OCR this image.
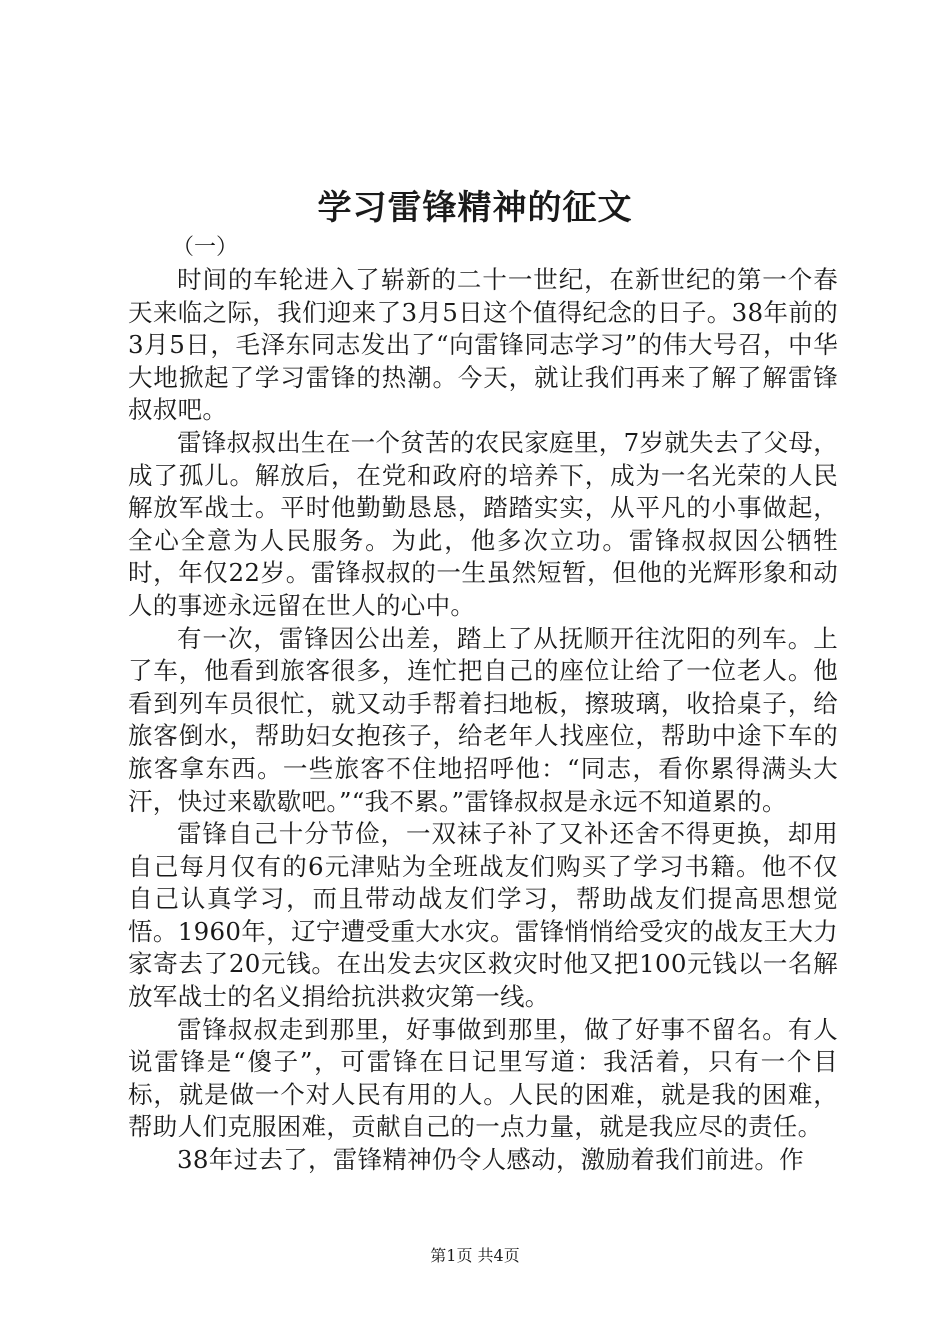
学习雷锋精神的征文

（一）

时间的车轮进入了崭新的二十一世纪，在新世纪的第一个春天来临之际，我们迎来了3月5日这个值得纪念的日子。38年前的3月5日，毛泽东同志发出了“向雷锋同志学习”的伟大号召，中华大地掀起了学习雷锋的热潮。今天，就让我们再来了解了解雷锋叔叔吧。

雷锋叔叔出生在一个贫苦的农民家庭里，7岁就失去了父母，成了孤儿。解放后，在党和政府的培养下，成为一名光荣的人民解放军战士。平时他勤勤恳恳，踏踏实实，从平凡的小事做起，全心全意为人民服务。为此，他多次立功。雷锋叔叔因公牺牲时，年仅22岁。雷锋叔叔的一生虽然短暂，但他的光辉形象和动人的事迹永远留在世人的心中。

有一次，雷锋因公出差，踏上了从抚顺开往沈阳的列车。上了车，他看到旅客很多，连忙把自己的座位让给了一位老人。他看到列车员很忙，就又动手帮着扫地板，擦玻璃，收拾桌子，给旅客倒水，帮助妇女抱孩子，给老年人找座位，帮助中途下车的旅客拿东西。一些旅客不住地招呼他：“同志，看你累得满头大汗，快过来歇歇吧。”“我不累。”雷锋叔叔是永远不知道累的。

雷锋自己十分节俭，一双袜子补了又补还舍不得更换，却用自己每月仅有的6元津贴为全班战友们购买了学习书籍。他不仅自己认真学习，而且带动战友们学习，帮助战友们提高思想觉悟。1960年，辽宁遭受重大水灾。雷锋悄悄给受灾的战友王大力家寄去了20元钱。在出发去灾区救灾时他又把100元钱以一名解放军战士的名义捐给抗洪救灾第一线。

雷锋叔叔走到那里，好事做到那里，做了好事不留名。有人说雷锋是“傻子”，可雷锋在日记里写道：我活着，只有一个目标，就是做一个对人民有用的人。人民的困难，就是我的困难，帮助人们克服困难，贡献自己的一点力量，就是我应尽的责任。

38年过去了，雷锋精神仍令人感动，激励着我们前进。作

第1页 共4页
